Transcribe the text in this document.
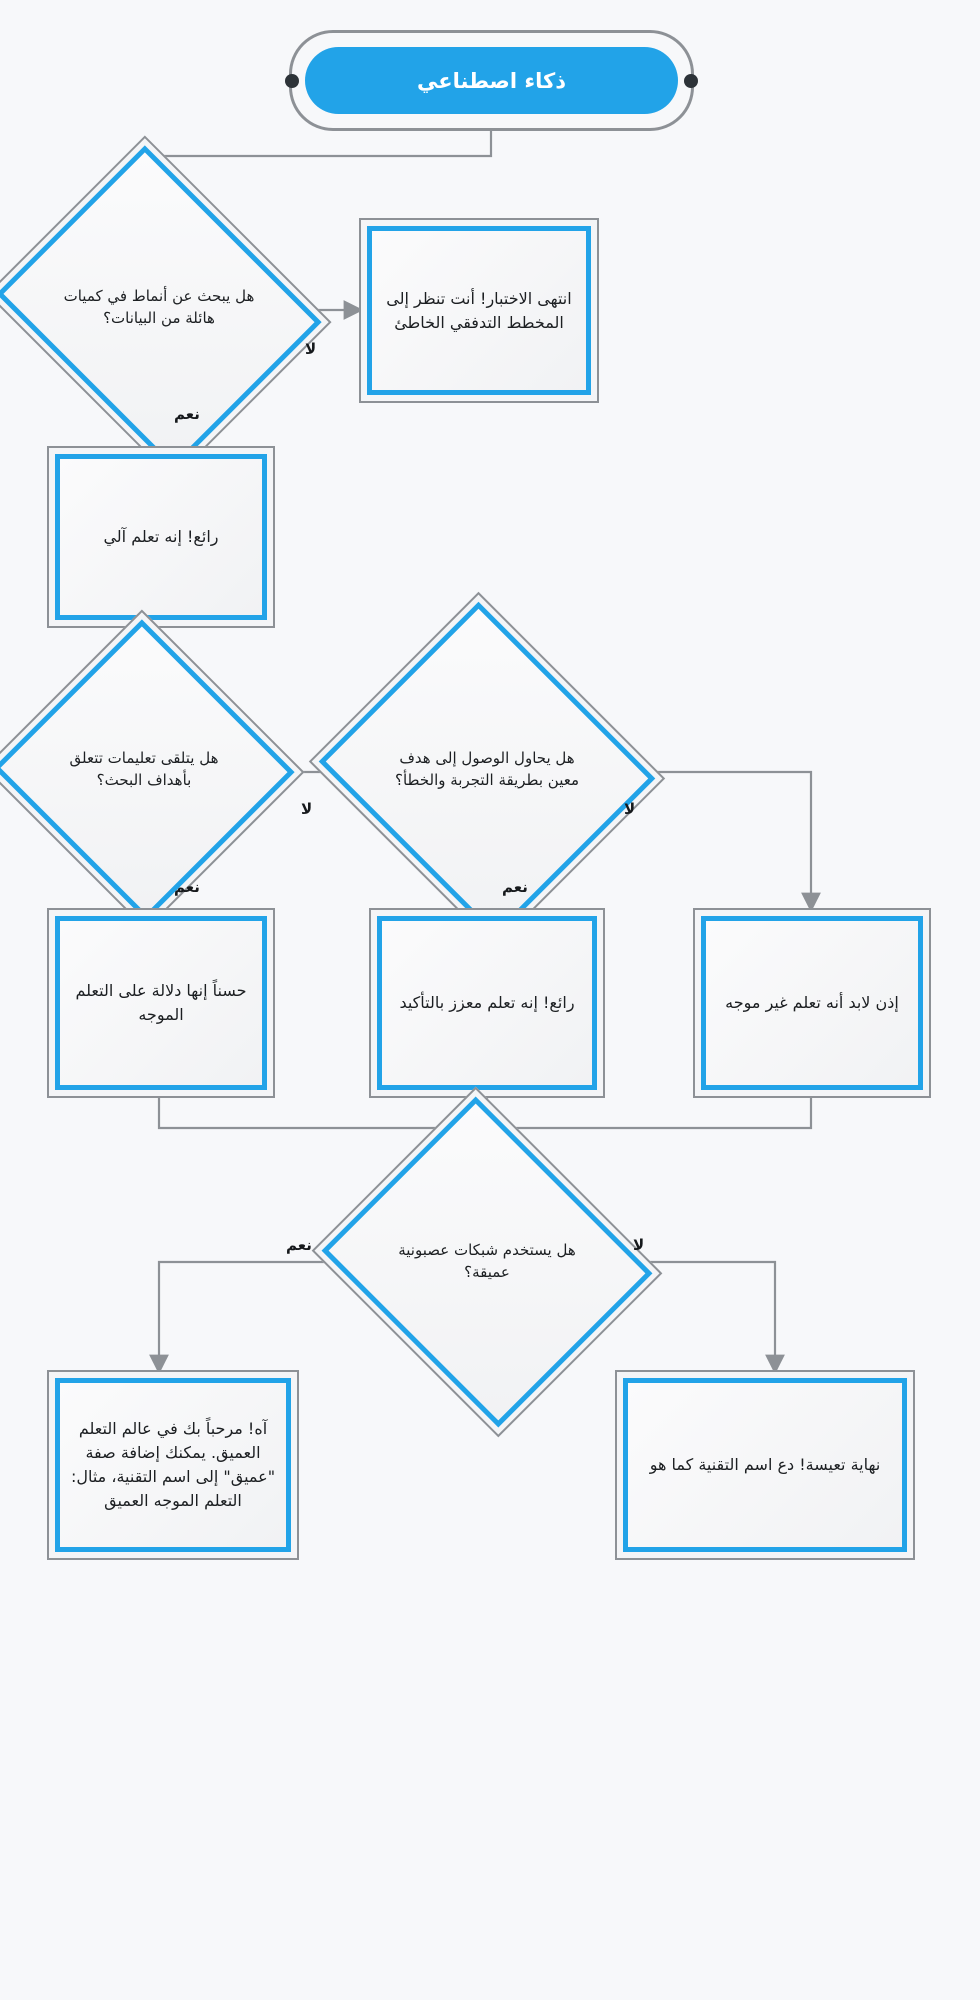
ذكاء اصطناعي
هل يبحث عن أنماط في كميات هائلة من البيانات؟
انتهى الاختبار! أنت تنظر إلى المخطط التدفقي الخاطئ
رائع! إنه تعلم آلي
هل يتلقى تعليمات تتعلق بأهداف البحث؟
هل يحاول الوصول إلى هدف معين بطريقة التجربة والخطأ؟
حسناً إنها دلالة على التعلم الموجه
رائع! إنه تعلم معزز بالتأكيد	إذن لابد أنه تعلم غير موجه
هل يستخدم شبكات عصبونية عميقة؟
آه! مرحباً بك في عالم التعلم العميق. يمكنك إضافة صفة "عميق" إلى اسم التقنية، مثال: التعلم الموجه العميق
نهاية تعيسة! دع اسم التقنية كما هو
لا
نعم
لا
نعم
لا
نعم
نعم	لا
